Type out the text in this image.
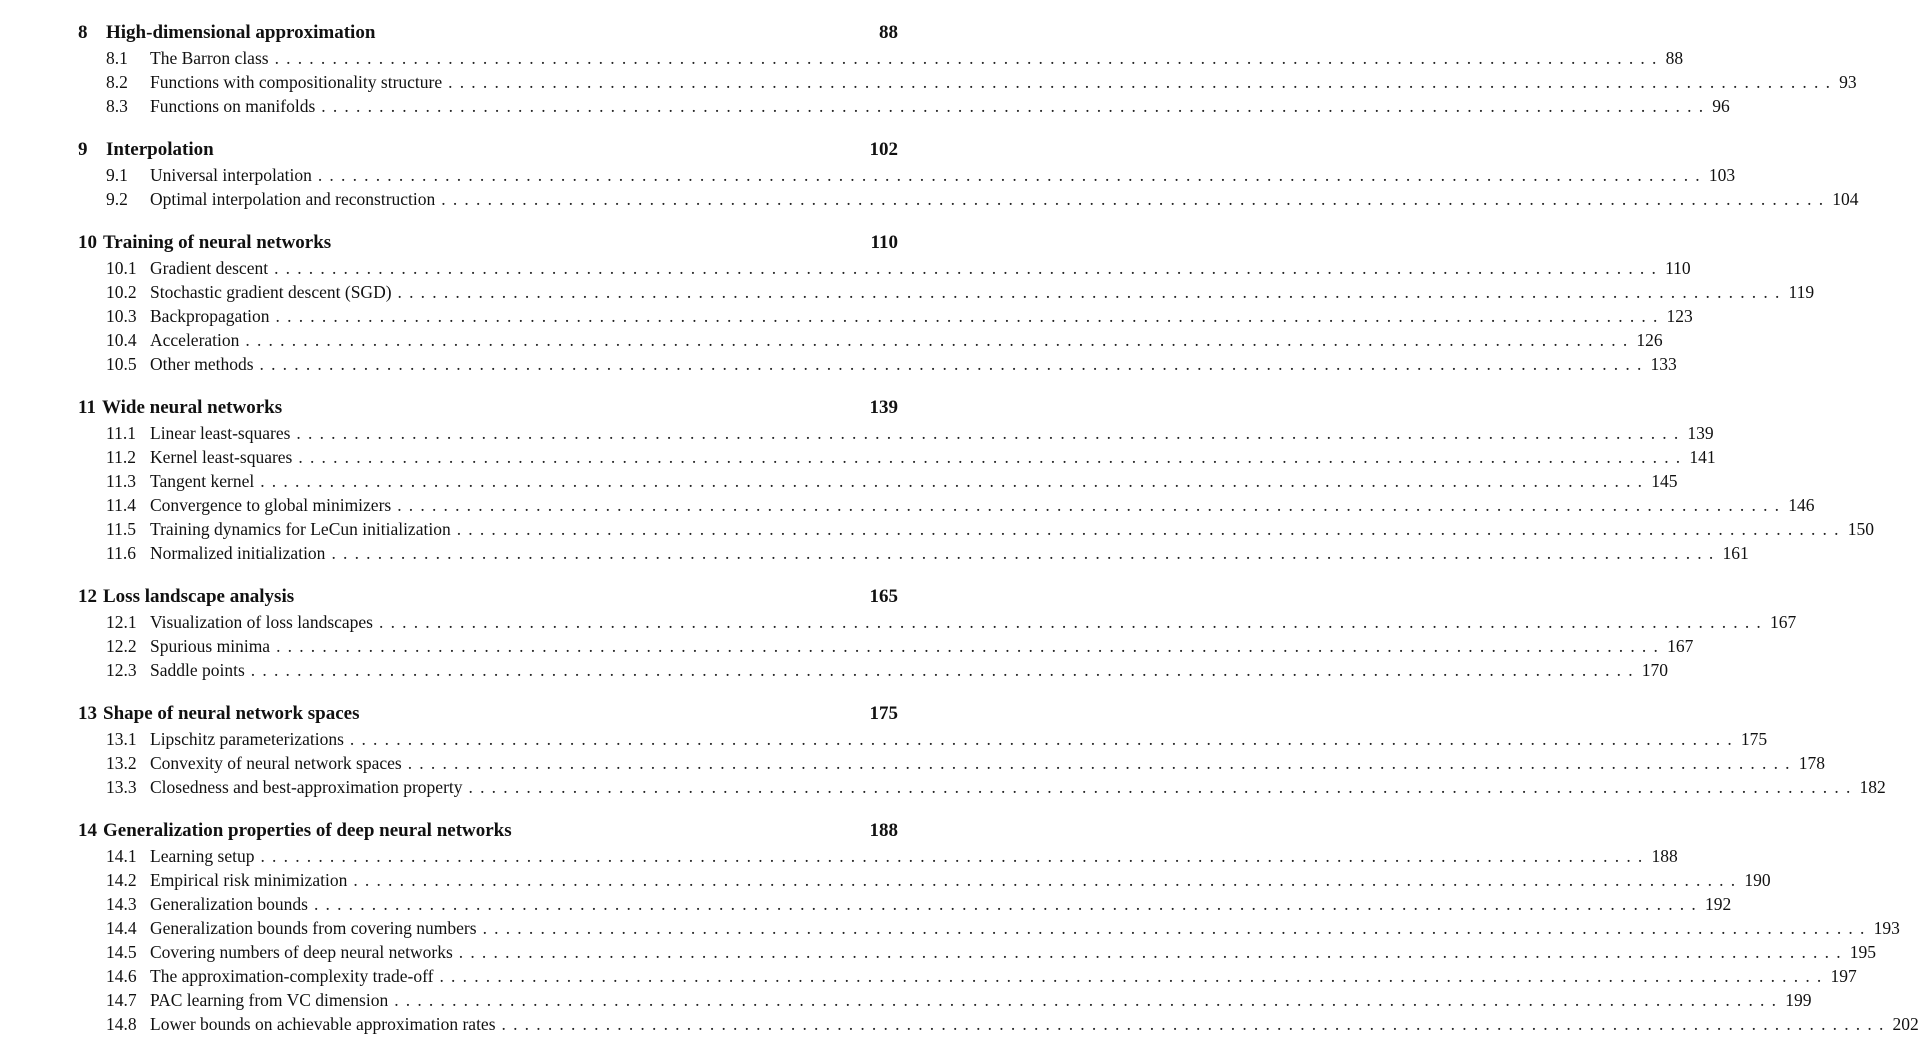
8 High-dimensional approximation	88
8.1	The Barron class ........................................................................................................................ 88
8.2	Functions with compositionality structure ........................................................................................................................ 93
8.3	Functions on manifolds ........................................................................................................................ 96
9 Interpolation	102
9.1	Universal interpolation ........................................................................................................................ 103
9.2	Optimal interpolation and reconstruction ........................................................................................................................ 104
10 Training of neural networks	110
10.1 Gradient descent ........................................................................................................................ 110
10.2 Stochastic gradient descent (SGD) ........................................................................................................................ 119
10.3 Backpropagation ........................................................................................................................ 123
10.4 Acceleration ........................................................................................................................ 126
10.5 Other methods ........................................................................................................................ 133
11 Wide neural networks	139
11.1 Linear least-squares ........................................................................................................................ 139
11.2 Kernel least-squares ........................................................................................................................ 141
11.3 Tangent kernel ........................................................................................................................ 145
11.4 Convergence to global minimizers ........................................................................................................................ 146
11.5 Training dynamics for LeCun initialization ........................................................................................................................ 150
11.6 Normalized initialization ........................................................................................................................ 161
12 Loss landscape analysis	165
12.1 Visualization of loss landscapes ........................................................................................................................ 167
12.2 Spurious minima ........................................................................................................................ 167
12.3 Saddle points ........................................................................................................................ 170
13 Shape of neural network spaces	175
13.1 Lipschitz parameterizations ........................................................................................................................ 175
13.2 Convexity of neural network spaces ........................................................................................................................ 178
13.3 Closedness and best-approximation property ........................................................................................................................ 182
14 Generalization properties of deep neural networks	188
14.1 Learning setup ........................................................................................................................ 188
14.2 Empirical risk minimization ........................................................................................................................ 190
14.3 Generalization bounds ........................................................................................................................ 192
14.4 Generalization bounds from covering numbers ........................................................................................................................ 193
14.5 Covering numbers of deep neural networks ........................................................................................................................ 195
14.6 The approximation-complexity trade-off ........................................................................................................................ 197
14.7 PAC learning from VC dimension ........................................................................................................................ 199
14.8 Lower bounds on achievable approximation rates ........................................................................................................................ 202
